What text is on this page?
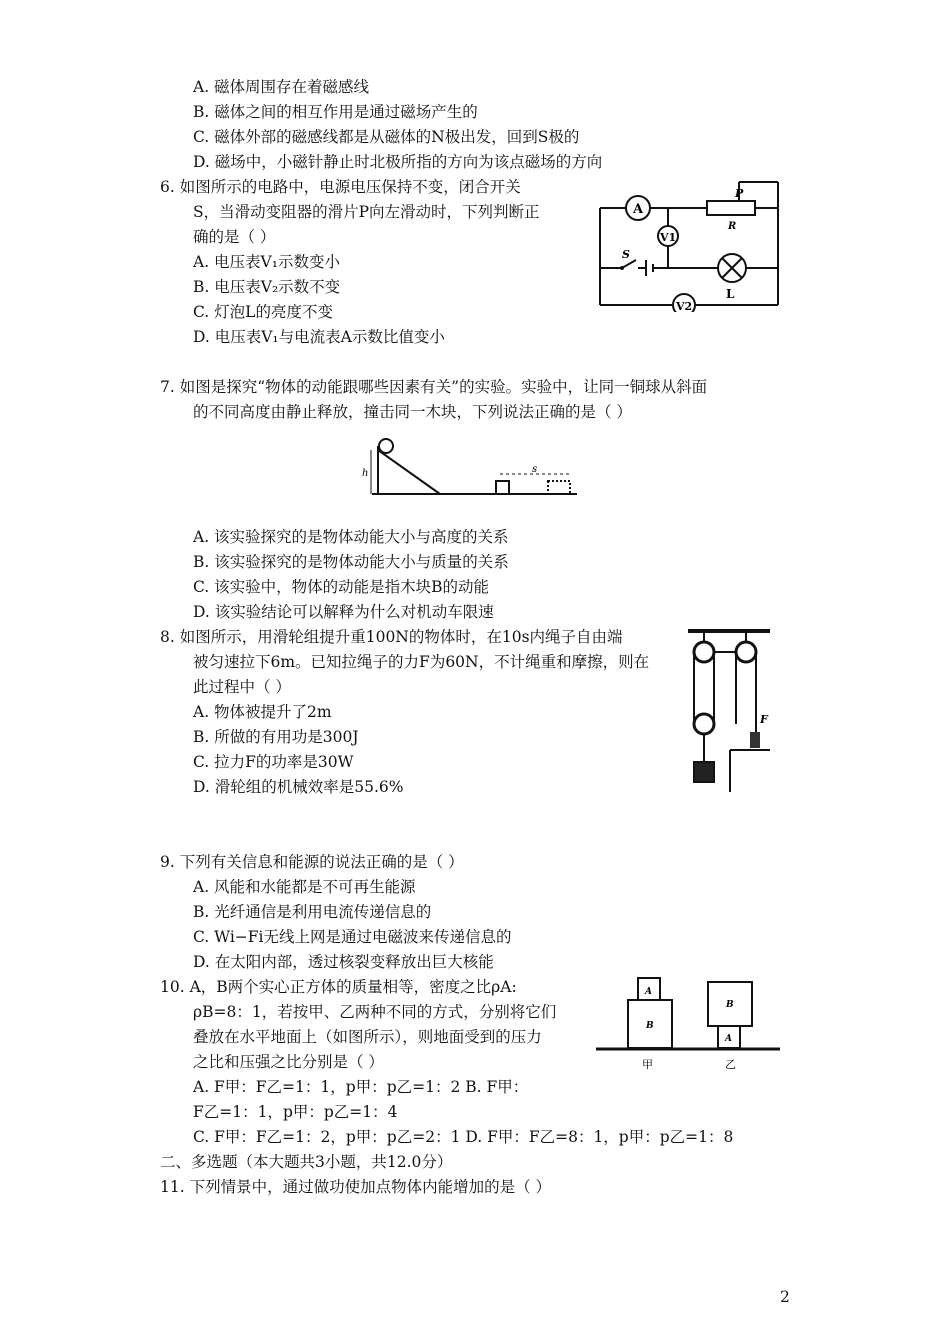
A. 磁体周围存在着磁感线
B. 磁体之间的相互作用是通过磁场产生的
C. 磁体外部的磁感线都是从磁体的N极出发，回到S极的
D. 磁场中，小磁针静止时北极所指的方向为该点磁场的方向
6. 如图所示的电路中，电源电压保持不变，闭合开关
S，当滑动变阻器的滑片P向左滑动时，下列判断正
确的是（ ）
A. 电压表V₁示数变小
B. 电压表V₂示数不变
C. 灯泡L的亮度不变
D. 电压表V₁与电流表A示数比值变小
7. 如图是探究“物体的动能跟哪些因素有关”的实验。实验中，让同一铜球从斜面
的不同高度由静止释放，撞击同一木块，下列说法正确的是（ ）
A. 该实验探究的是物体动能大小与高度的关系
B. 该实验探究的是物体动能大小与质量的关系
C. 该实验中，物体的动能是指木块B的动能
D. 该实验结论可以解释为什么对机动车限速
8. 如图所示，用滑轮组提升重100N的物体时，在10s内绳子自由端
被匀速拉下6m。已知拉绳子的力F为60N，不计绳重和摩擦，则在
此过程中（ ）
A. 物体被提升了2m
B. 所做的有用功是300J
C. 拉力F的功率是30W
D. 滑轮组的机械效率是55.6%
9. 下列有关信息和能源的说法正确的是（ ）
A. 风能和水能都是不可再生能源
B. 光纤通信是利用电流传递信息的
C. Wi−Fi无线上网是通过电磁波来传递信息的
D. 在太阳内部，透过核裂变释放出巨大核能
10. A，B两个实心正方体的质量相等，密度之比ρA:
ρB=8：1，若按甲、乙两种不同的方式，分别将它们
叠放在水平地面上（如图所示），则地面受到的压力
之比和压强之比分别是（ ）
A. F甲：F乙=1：1，p甲：p乙=1：2 B. F甲：
F乙=1：1，p甲：p乙=1：4
C. F甲：F乙=1：2，p甲：p乙=2：1 D. F甲：F乙=8：1，p甲：p乙=1：8
二、多选题（本大题共3小题，共12.0分）
11. 下列情景中，通过做功使加点物体内能增加的是（ ）
2
A
P
R
V1
S
L
V2
h	s
F
A
B
B
A
甲	乙
